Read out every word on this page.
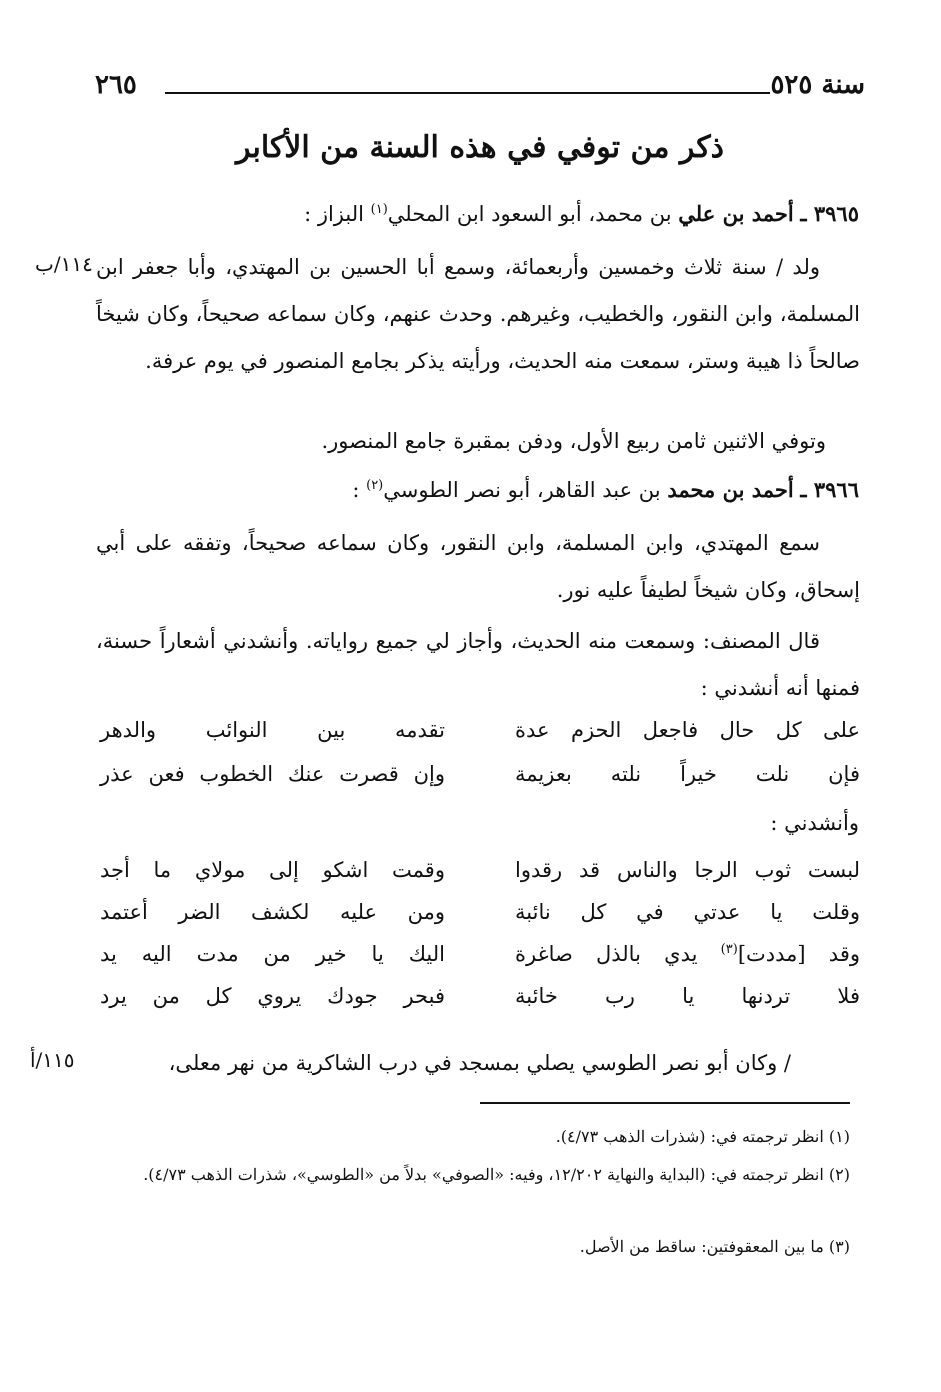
٢٦٥	سنة ٥٢٥
ذكر من توفي في هذه السنة من الأكابر
٣٩٦٥ ـ أحمد بن علي بن محمد، أبو السعود ابن المحلي$^{(١)}$ البزاز :
١١٤/ب ولد / سنة ثلاث وخمسين وأربعمائة، وسمع أبا الحسين بن المهتدي، وأبا جعفر ابن المسلمة، وابن النقور، والخطيب، وغيرهم. وحدث عنهم، وكان سماعه صحيحاً، وكان شيخاً صالحاً ذا هيبة وستر، سمعت منه الحديث، ورأيته يذكر بجامع المنصور في يوم عرفة.
وتوفي الاثنين ثامن ربيع الأول، ودفن بمقبرة جامع المنصور.
٣٩٦٦ ـ أحمد بن محمد بن عبد القاهر، أبو نصر الطوسي$^{(٢)}$ :
سمع المهتدي، وابن المسلمة، وابن النقور، وكان سماعه صحيحاً، وتفقه على أبي إسحاق، وكان شيخاً لطيفاً عليه نور.
قال المصنف: وسمعت منه الحديث، وأجاز لي جميع رواياته. وأنشدني أشعاراً حسنة، فمنها أنه أنشدني :
على كل حال فاجعل الحزم عدة
تقدمه بين النوائب والدهر
فإن نلت خيراً نلته بعزيمة
وإن قصرت عنك الخطوب فعن عذر
وأنشدني :
لبست ثوب الرجا والناس قد رقدوا
وقمت اشكو إلى مولاي ما أجد
وقلت يا عدتي في كل نائبة
ومن عليه لكشف الضر أعتمد
وقد [مددت]$^{(٣)}$ يدي بالذل صاغرة
اليك يا خير من مدت اليه يد
فلا تردنها يا رب خائبة
فبحر جودك يروي كل من يرد
/ وكان أبو نصر الطوسي يصلي بمسجد في درب الشاكرية من نهر معلى،
١١٥/أ
(١) انظر ترجمته في: (شذرات الذهب ٤/٧٣).
(٢) انظر ترجمته في: (البداية والنهاية ١٢/٢٠٢، وفيه: «الصوفي» بدلاً من «الطوسي»، شذرات الذهب ٤/٧٣).
(٣) ما بين المعقوفتين: ساقط من الأصل.
